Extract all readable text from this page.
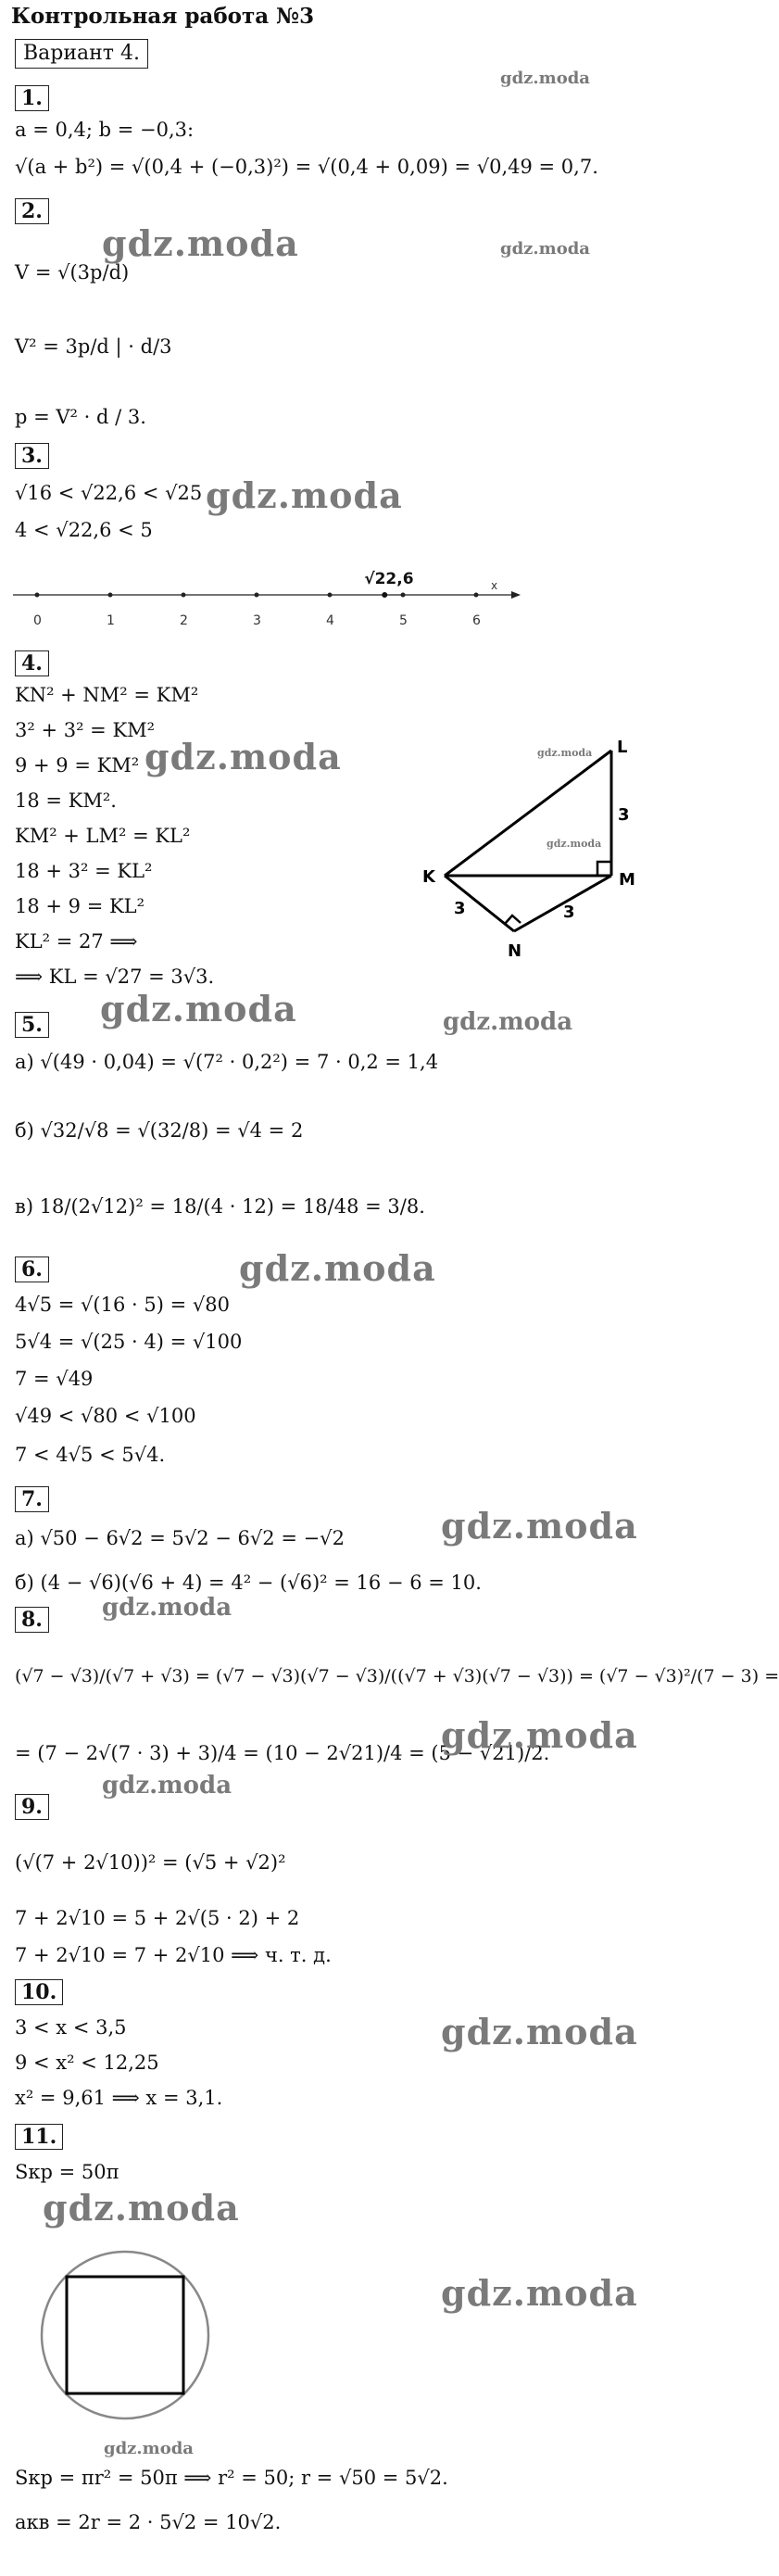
Контрольная работа №3
Вариант 4.
1.
a = 0,4; b = −0,3:
√(a + b²) = √(0,4 + (−0,3)²) = √(0,4 + 0,09) = √0,49 = 0,7.
2.
V = √(3p/d)
V² = 3p/d | · d/3
p = V² · d / 3.
3.
√16 < √22,6 < √25
4 < √22,6 < 5
x
0	1	2	3	4	5	6
√22,6
4.
KN² + NM² = KM²
3² + 3² = KM²
9 + 9 = KM²
18 = KM².
KM² + LM² = KL²
18 + 3² = KL²
18 + 9 = KL²
KL² = 27 ⟹
⟹ KL = √27 = 3√3.
L
M
K
N
3
3	3
5.
а) √(49 · 0,04) = √(7² · 0,2²) = 7 · 0,2 = 1,4
б) √32/√8 = √(32/8) = √4 = 2
в) 18/(2√12)² = 18/(4 · 12) = 18/48 = 3/8.
6.
4√5 = √(16 · 5) = √80
5√4 = √(25 · 4) = √100
7 = √49
√49 < √80 < √100
7 < 4√5 < 5√4.
7.
а) √50 − 6√2 = 5√2 − 6√2 = −√2
б) (4 − √6)(√6 + 4) = 4² − (√6)² = 16 − 6 = 10.
8.
(√7 − √3)/(√7 + √3) = (√7 − √3)(√7 − √3)/((√7 + √3)(√7 − √3)) = (√7 − √3)²/(7 − 3) =
= (7 − 2√(7 · 3) + 3)/4 = (10 − 2√21)/4 = (5 − √21)/2.
9.
(√(7 + 2√10))² = (√5 + √2)²
7 + 2√10 = 5 + 2√(5 · 2) + 2
7 + 2√10 = 7 + 2√10 ⟹ ч. т. д.
10.
3 < x < 3,5
9 < x² < 12,25
x² = 9,61 ⟹ x = 3,1.
11.
Sкр = 50π
Sкр = πr² = 50π ⟹ r² = 50; r = √50 = 5√2.
aкв = 2r = 2 · 5√2 = 10√2.
gdz.moda
gdz.moda	gdz.moda
gdz.moda
gdz.moda	gdz.moda
gdz.moda
gdz.moda	gdz.moda
gdz.moda
gdz.moda
gdz.moda
gdz.moda
gdz.moda
gdz.moda
gdz.moda
gdz.moda
gdz.moda
